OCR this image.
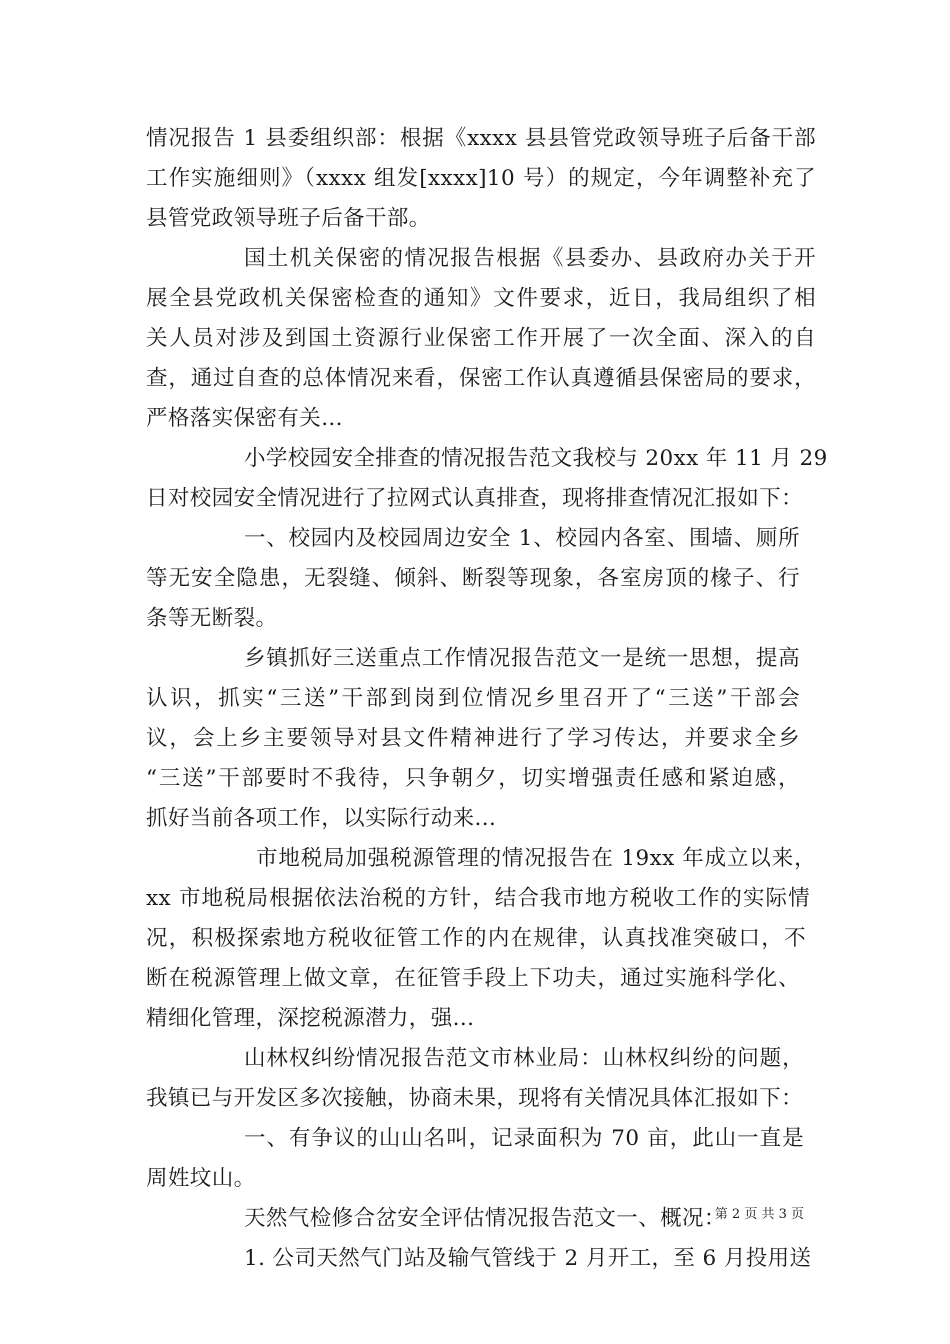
情况报告 1 县委组织部：根据《xxxx 县县管党政领导班子后备干部
工作实施细则》（xxxx 组发[xxxx]10 号）的规定，今年调整补充了
县管党政领导班子后备干部。
国土机关保密的情况报告根据《县委办、县政府办关于开
展全县党政机关保密检查的通知》文件要求，近日，我局组织了相
关人员对涉及到国土资源行业保密工作开展了一次全面、深入的自
查，通过自查的总体情况来看，保密工作认真遵循县保密局的要求，
严格落实保密有关...
小学校园安全排查的情况报告范文我校与 20xx 年 11 月 29
日对校园安全情况进行了拉网式认真排查，现将排查情况汇报如下：
一、校园内及校园周边安全 1、校园内各室、围墙、厕所
等无安全隐患，无裂缝、倾斜、断裂等现象，各室房顶的椽子、行
条等无断裂。
乡镇抓好三送重点工作情况报告范文一是统一思想，提高
认识，抓实“三送”干部到岗到位情况乡里召开了“三送”干部会
议，会上乡主要领导对县文件精神进行了学习传达，并要求全乡
“三送”干部要时不我待，只争朝夕，切实增强责任感和紧迫感，
抓好当前各项工作，以实际行动来...
市地税局加强税源管理的情况报告在 19xx 年成立以来，
xx 市地税局根据依法治税的方针，结合我市地方税收工作的实际情
况，积极探索地方税收征管工作的内在规律，认真找准突破口，不
断在税源管理上做文章，在征管手段上下功夫，通过实施科学化、
精细化管理，深挖税源潜力，强...
山林权纠纷情况报告范文市林业局：山林权纠纷的问题，
我镇已与开发区多次接触，协商未果，现将有关情况具体汇报如下：
一、有争议的山山名叫，记录面积为 70 亩，此山一直是
周姓坟山。
天然气检修合岔安全评估情况报告范文一、概况：
1. 公司天然气门站及输气管线于 2 月开工，至 6 月投用送
第 2 页 共 3 页
